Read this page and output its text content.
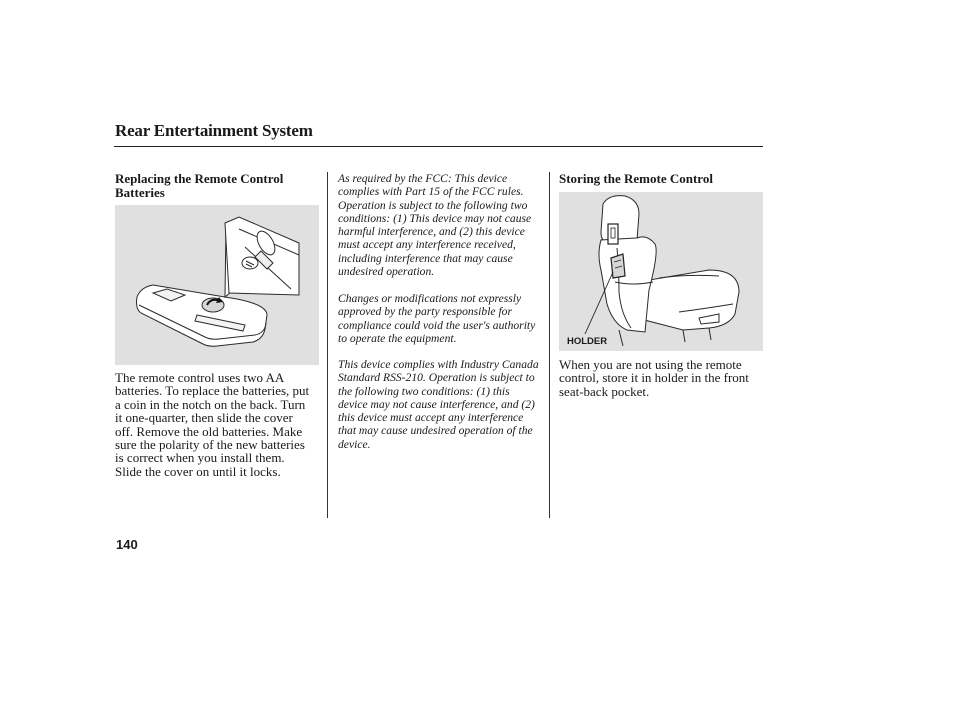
Rear Entertainment System
Replacing the Remote Control Batteries
The remote control uses two AA batteries. To replace the batteries, put a coin in the notch on the back. Turn it one-quarter, then slide the cover off. Remove the old batteries. Make sure the polarity of the new batteries is correct when you install them. Slide the cover on until it locks.
As required by the FCC: This device complies with Part 15 of the FCC rules. Operation is subject to the following two conditions: (1) This device may not cause harmful interference, and (2) this device must accept any interference received, including interference that may cause undesired operation.
Changes or modifications not expressly approved by the party responsible for compliance could void the user's authority to operate the equipment.
This device complies with Industry Canada Standard RSS-210. Operation is subject to the following two conditions: (1) this device may not cause interference, and (2) this device must accept any interference that may cause undesired operation of the device.
Storing the Remote Control
HOLDER
When you are not using the remote control, store it in holder in the front seat-back pocket.
140
